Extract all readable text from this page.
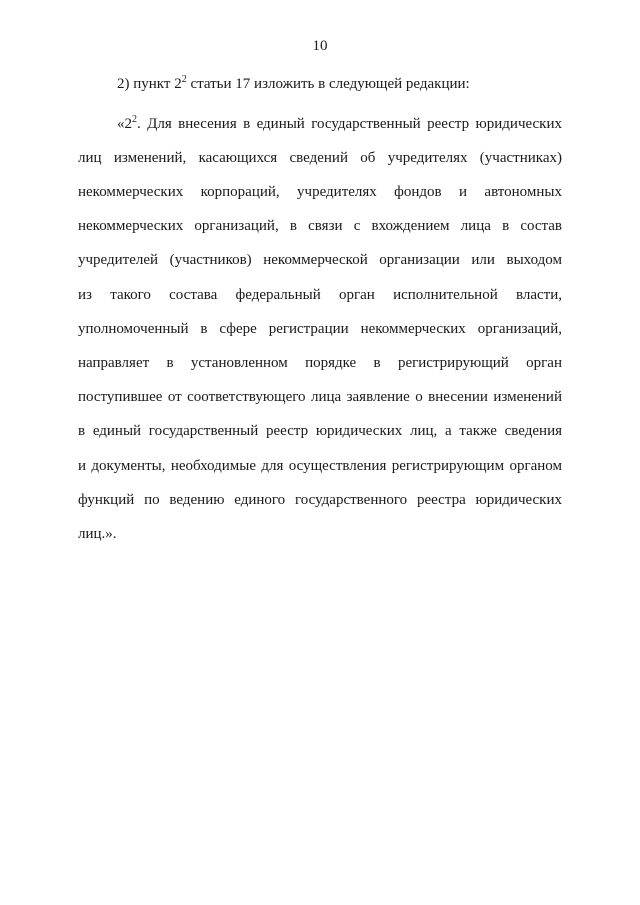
10
2) пункт $2^2$ статьи 17 изложить в следующей редакции:
«$2^2$. Для внесения в единый государственный реестр юридических
лиц изменений, касающихся сведений об учредителях (участниках)
некоммерческих корпораций, учредителях фондов и автономных
некоммерческих организаций, в связи с вхождением лица в состав
учредителей (участников) некоммерческой организации или выходом
из такого состава федеральный орган исполнительной власти,
уполномоченный в сфере регистрации некоммерческих организаций,
направляет в установленном порядке в регистрирующий орган
поступившее от соответствующего лица заявление о внесении изменений
в единый государственный реестр юридических лиц, а также сведения
и документы, необходимые для осуществления регистрирующим органом
функций по ведению единого государственного реестра юридических
лиц.».
